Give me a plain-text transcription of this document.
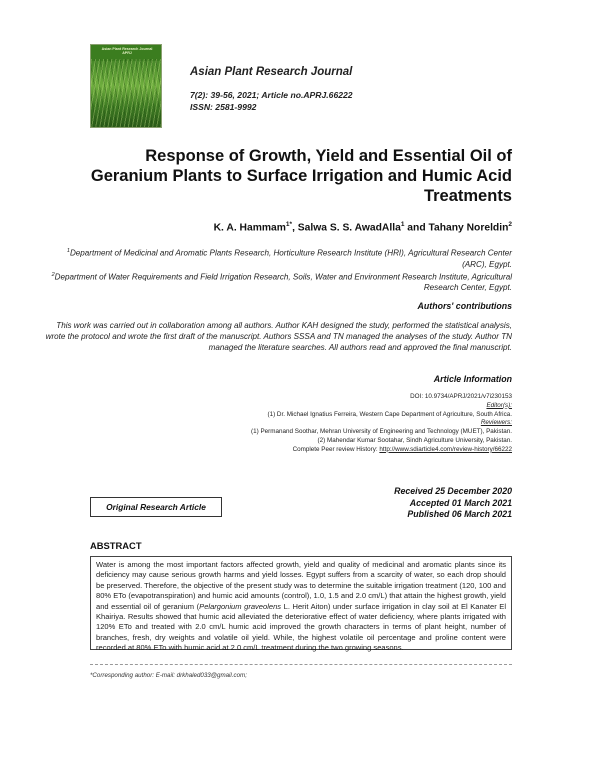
Asian Plant Research Journal
APRJ
Asian Plant Research Journal
7(2): 39-56, 2021; Article no.APRJ.66222
ISSN: 2581-9992
Response of Growth, Yield and Essential Oil of Geranium Plants to Surface Irrigation and Humic Acid Treatments
K. A. Hammam$^{1*}$, Salwa S. S. AwadAlla$^1$ and Tahany Noreldin$^2$
$^1$Department of Medicinal and Aromatic Plants Research, Horticulture Research Institute (HRI), Agricultural Research Center (ARC), Egypt.
$^2$Department of Water Requirements and Field Irrigation Research, Soils, Water and Environment Research Institute, Agricultural Research Center, Egypt.
Authors' contributions
This work was carried out in collaboration among all authors. Author KAH designed the study, performed the statistical analysis, wrote the protocol and wrote the first draft of the manuscript. Authors SSSA and TN managed the analyses of the study. Author TN managed the literature searches. All authors read and approved the final manuscript.
Article Information
DOI: 10.9734/APRJ/2021/v7i230153
Editor(s):
(1) Dr. Michael Ignatius Ferreira, Western Cape Department of Agriculture, South Africa.
Reviewers:
(1) Permanand Soothar, Mehran University of Engineering and Technology (MUET), Pakistan.
(2) Mahendar Kumar Sootahar, Sindh Agriculture University, Pakistan.
Complete Peer review History: http://www.sdiarticle4.com/review-history/66222
Original Research Article
Received 25 December 2020
Accepted 01 March 2021
Published 06 March 2021
ABSTRACT
Water is among the most important factors affected growth, yield and quality of medicinal and aromatic plants since its deficiency may cause serious growth harms and yield losses. Egypt suffers from a scarcity of water, so each drop should be preserved. Therefore, the objective of the present study was to determine the suitable irrigation treatment (120, 100 and 80% ETo (evapotranspiration) and humic acid amounts (control), 1.0, 1.5 and 2.0 cm/L) that attain the highest growth, yield and essential oil of geranium (Pelargonium graveolens L. Herit Aiton) under surface irrigation in clay soil at El Kanater El Khairiya. Results showed that humic acid alleviated the deteriorative effect of water deficiency, where plants irrigated with 120% ETo and treated with 2.0 cm/L humic acid improved the growth characters in terms of plant height, number of branches, fresh, dry weights and volatile oil yield. While, the highest volatile oil percentage and proline content were recorded at 80% ETo with humic acid at 2.0 cm/L treatment during the two growing seasons.
*Corresponding author: E-mail: drkhaled033@gmail.com;
